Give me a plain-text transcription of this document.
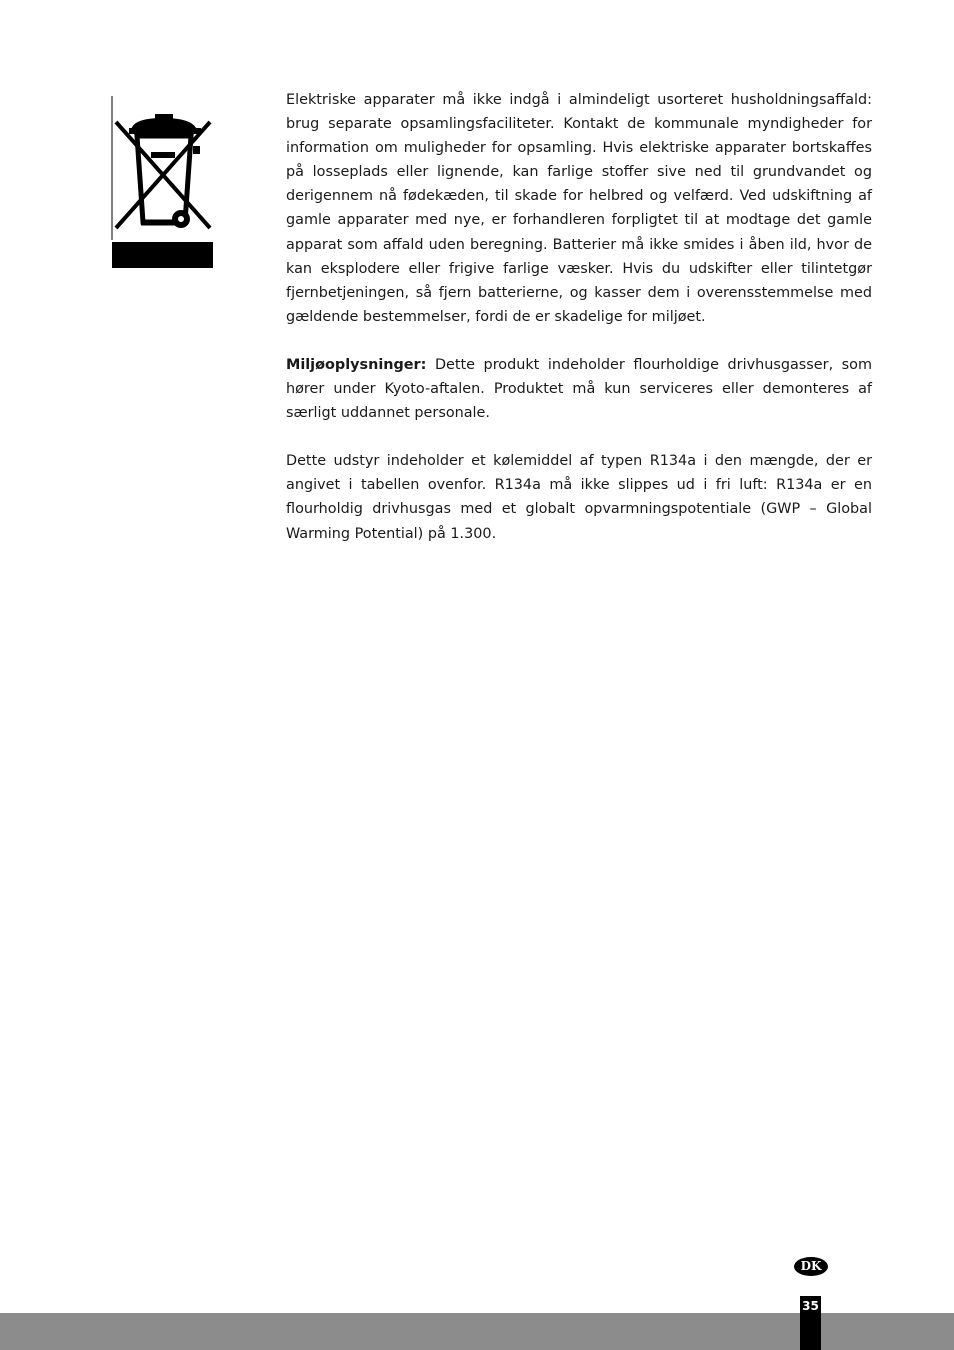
Elektriske apparater må ikke indgå i almindeligt usorteret husholdningsaffald: brug separate opsamlingsfaciliteter. Kontakt de kommunale myndigheder for information om muligheder for opsamling. Hvis elektriske apparater bortskaffes på losseplads eller lignende, kan farlige stoffer sive ned til grundvandet og derigennem nå fødekæden, til skade for helbred og velfærd. Ved udskiftning af gamle apparater med nye, er forhandleren forpligtet til at modtage det gamle apparat som affald uden beregning. Batterier må ikke smides i åben ild, hvor de kan eksplodere eller frigive farlige væsker. Hvis du udskifter eller tilintetgør fjernbetjeningen, så fjern batterierne, og kasser dem i overensstemmelse med gældende bestemmelser, fordi de er skadelige for miljøet.

Miljøoplysninger: Dette produkt indeholder flourholdige drivhusgasser, som hører under Kyoto-aftalen. Produktet må kun serviceres eller demonteres af særligt uddannet personale.

Dette udstyr indeholder et kølemiddel af typen R134a i den mængde, der er angivet i tabellen ovenfor. R134a må ikke slippes ud i fri luft: R134a er en flourholdig drivhusgas med et globalt opvarmningspotentiale (GWP – Global Warming Potential) på 1.300.

DK
35
